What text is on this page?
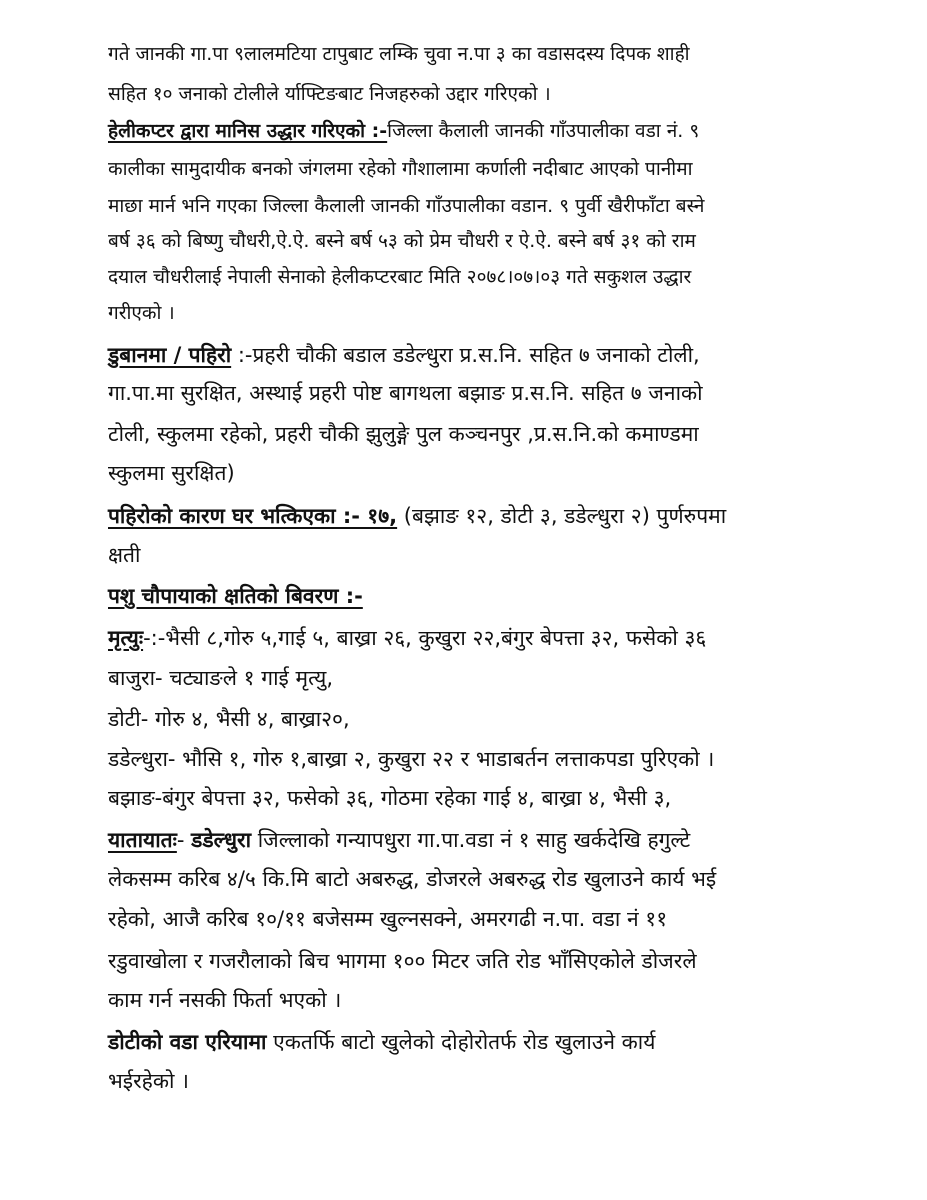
गते जानकी गा.पा ९लालमटिया टापुबाट लम्कि चुवा न.पा ३ का वडासदस्य दिपक शाही
सहित १० जनाको टोलीले र्याफ्टिङबाट निजहरुको उद्दार गरिएको ।
हेलीकप्टर द्वारा मानिस उद्धार गरिएको :-जिल्ला कैलाली जानकी गाँउपालीका वडा नं. ९
कालीका सामुदायीक बनको जंगलमा रहेको गौशालामा कर्णाली नदीबाट आएको पानीमा
माछा मार्न भनि गएका जिल्ला कैलाली जानकी गाँउपालीका वडान. ९ पुर्वी खैरीफाँटा बस्ने
बर्ष ३६ को बिष्णु चौधरी,ऐ.ऐ. बस्ने बर्ष ५३ को प्रेम चौधरी र ऐ.ऐ. बस्ने बर्ष ३१ को राम
दयाल चौधरीलाई नेपाली सेनाको हेलीकप्टरबाट मिति २०७८।०७।०३ गते सकुशल उद्धार
गरीएको ।
डुबानमा / पहिरो :-प्रहरी चौकी बडाल डडेल्धुरा प्र.स.नि. सहित ७ जनाको टोली,
गा.पा.मा सुरक्षित, अस्थाई प्रहरी पोष्ट बागथला बझाङ प्र.स.नि. सहित ७ जनाको
टोली, स्कुलमा रहेको, प्रहरी चौकी झुलुङ्गे पुल कञ्चनपुर ,प्र.स.नि.को कमाण्डमा
स्कुलमा सुरक्षित)
पहिरोको कारण घर भत्किएका :- १७, (बझाङ १२, डोटी ३, डडेल्धुरा २) पुर्णरुपमा
क्षती
पशु चौपायाको क्षतिको बिवरण :-
मृत्युः-:-भैसी ८,गोरु ५,गाई ५, बाख्रा २६, कुखुरा २२,बंगुर बेपत्ता ३२, फसेको ३६
बाजुरा- चट्याङले १ गाई मृत्यु,
डोटी- गोरु ४, भैसी ४, बाख्रा२०,
डडेल्धुरा- भौसि १, गोरु १,बाख्रा २, कुखुरा २२ र भाडाबर्तन लत्ताकपडा पुरिएको ।
बझाङ-बंगुर बेपत्ता ३२, फसेको ३६, गोठमा रहेका गाई ४, बाख्रा ४, भैसी ३,
यातायातः- डडेल्धुरा जिल्लाको गन्यापधुरा गा.पा.वडा नं १ साहु खर्कदेखि हगुल्टे
लेकसम्म करिब ४/५ कि.मि बाटो अबरुद्ध, डोजरले अबरुद्ध रोड खुलाउने कार्य भई
रहेको, आजै करिब १०/११ बजेसम्म खुल्नसक्ने, अमरगढी न.पा. वडा नं ११
रडुवाखोला र गजरौलाको बिच भागमा १०० मिटर जति रोड भाँसिएकोले डोजरले
काम गर्न नसकी फिर्ता भएको ।
डोटीको वडा एरियामा एकतर्फि बाटो खुलेको दोहोरोतर्फ रोड खुलाउने कार्य
भईरहेको ।
